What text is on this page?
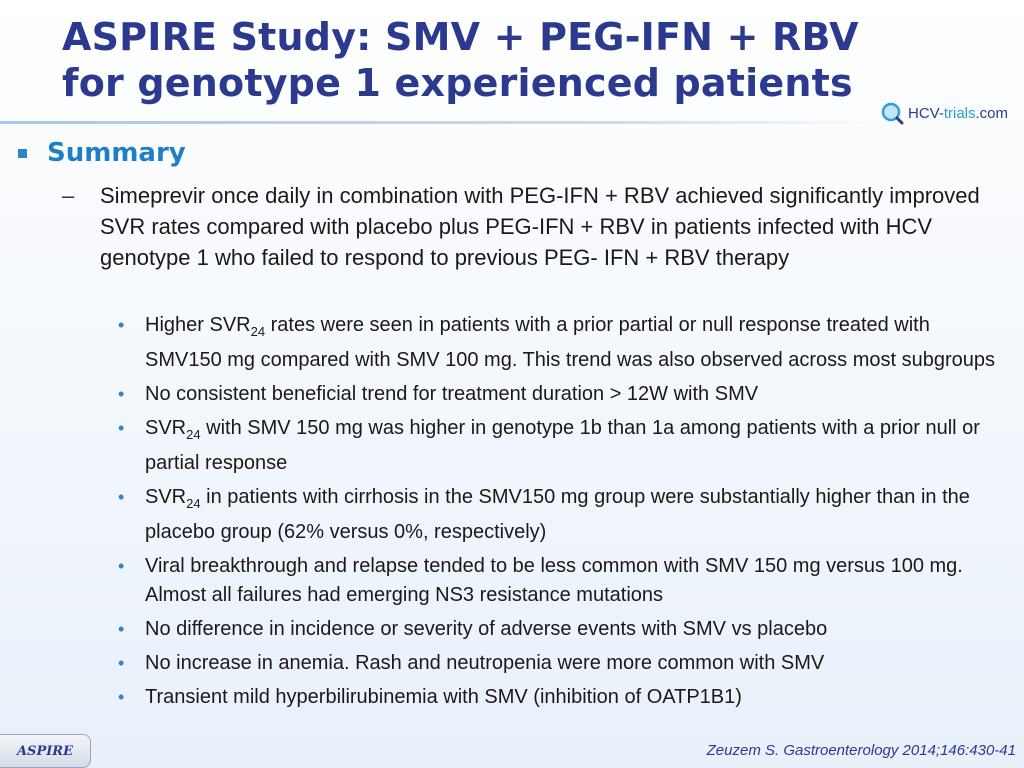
ASPIRE Study: SMV + PEG-IFN + RBV
for genotype 1 experienced patients
HCV-trials.com
Summary
–	Simeprevir once daily in combination with PEG-IFN + RBV achieved significantly improved SVR rates compared with placebo plus PEG-IFN + RBV in patients infected with HCV genotype 1 who failed to respond to previous PEG- IFN + RBV therapy
• Higher $SVR_{24}$ rates were seen in patients with a prior partial or null response treated with SMV150 mg compared with SMV 100 mg. This trend was also observed across most subgroups
• No consistent beneficial trend for treatment duration > 12W with SMV
• $SVR_{24}$ with SMV 150 mg was higher in genotype 1b than 1a among patients with a prior null or partial response
• $SVR_{24}$ in patients with cirrhosis in the SMV150 mg group were substantially higher than in the placebo group (62% versus 0%, respectively)
• Viral breakthrough and relapse tended to be less common with SMV 150 mg versus 100 mg. Almost all failures had emerging NS3 resistance mutations
• No difference in incidence or severity of adverse events with SMV vs placebo
• No increase in anemia. Rash and neutropenia were more common with SMV
• Transient mild hyperbilirubinemia with SMV (inhibition of OATP1B1)
ASPIRE	Zeuzem S. Gastroenterology 2014;146:430-41
